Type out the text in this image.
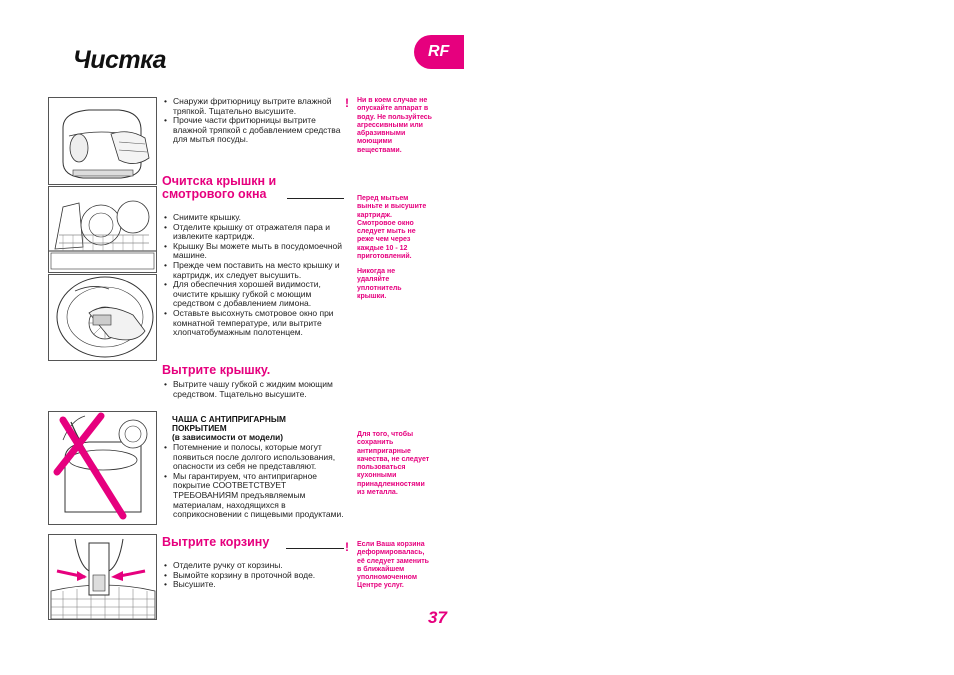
Чистка	RF
• Снаружи фритюрницу вытрите влажной тряпкой. Тщательно высушите.
• Прочие части фритюрницы вытрите влажной тряпкой с добавлением средства для мытья посуды.
! Ни в коем случае не опускайте аппарат в воду. Не пользуйтесь агрессивными или абразивными моющими веществами.
Очитска крышкн и
смотрового окна
• Снимите крышку.
• Отделите крышку от отражателя пара и извлеките картридж.
• Крышку Вы можете мыть в посудомоечной машине.
• Прежде чем поставить на место крышку и картридж, их следует высушить.
• Для обеспечния хорошей видимости, очистите крышку губкой с моющим средством с добавлением лимона.
• Оставьте высохнуть смотровое окно при комнатной температуре, или вытрите хлопчатобумажным полотенцем.
Перед мытьем выньте и высушите картридж. Смотровое окно следует мыть не реже чем через каждые 10 - 12 приготовлений.
Никогда не удаляйте уплотнитель крышки.
Вытрите крышку.
• Вытрите чашу губкой с жидким моющим средством. Тщательно высушите.
ЧАША С АНТИПРИГАРНЫМ
ПОКРЫТИЕМ
(в зависимости от модели)
• Потемнение и полосы, которые могут появиться после долгого использования, опасности из себя не представляют.
• Мы гарантируем, что антипригарное покрытие СООТВЕТСТВУЕТ ТРЕБОВАНИЯМ предъявляемым материалам, находящихся в соприкосновении с пищевыми продуктами.
Для того, чтобы сохранить антипригарные качества, не следует пользоваться кухонными принадлежностями из металла.
Вытрите корзину
• Отделите ручку от корзины.
• Вымойте корзину в проточной воде.
• Высушите.
! Если Ваша корзина деформировалась, её следует заменить в ближайшем уполномоченном Центре услуг.
37
